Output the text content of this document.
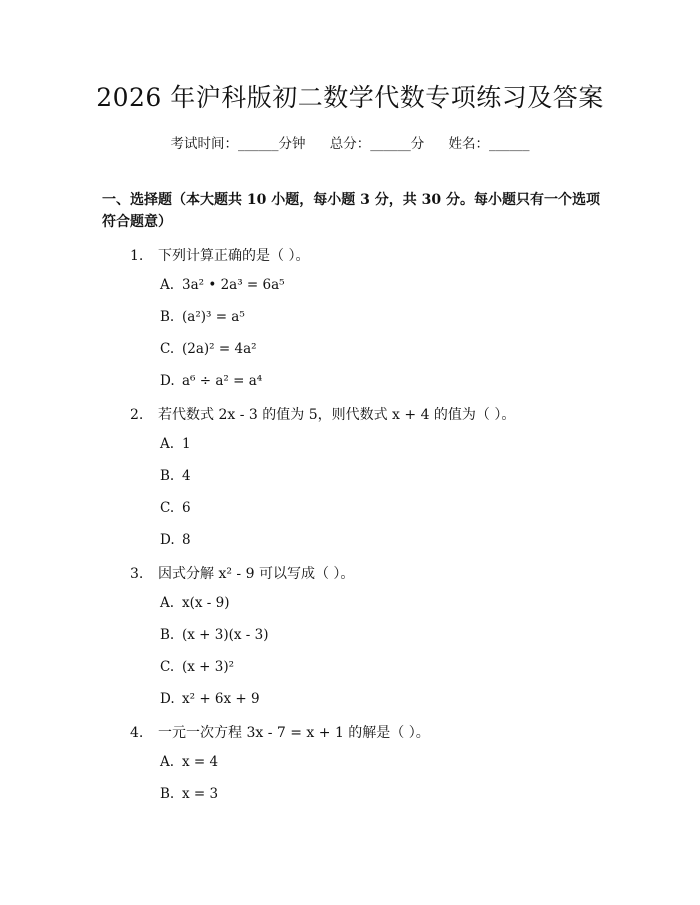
2026 年沪科版初二数学代数专项练习及答案
考试时间：______分钟 总分：______分 姓名：______
一、选择题（本大题共 10 小题，每小题 3 分，共 30 分。每小题只有一个选项符合题意）
1. 下列计算正确的是（ ）。
A. 3a² • 2a³ = 6a⁵
B. (a²)³ = a⁵
C. (2a)² = 4a²
D. a⁶ ÷ a² = a⁴
2. 若代数式 2x - 3 的值为 5，则代数式 x + 4 的值为（ ）。
A. 1
B. 4
C. 6
D. 8
3. 因式分解 x² - 9 可以写成（ ）。
A. x(x - 9)
B. (x + 3)(x - 3)
C. (x + 3)²
D. x² + 6x + 9
4. 一元一次方程 3x - 7 = x + 1 的解是（ ）。
A. x = 4
B. x = 3
